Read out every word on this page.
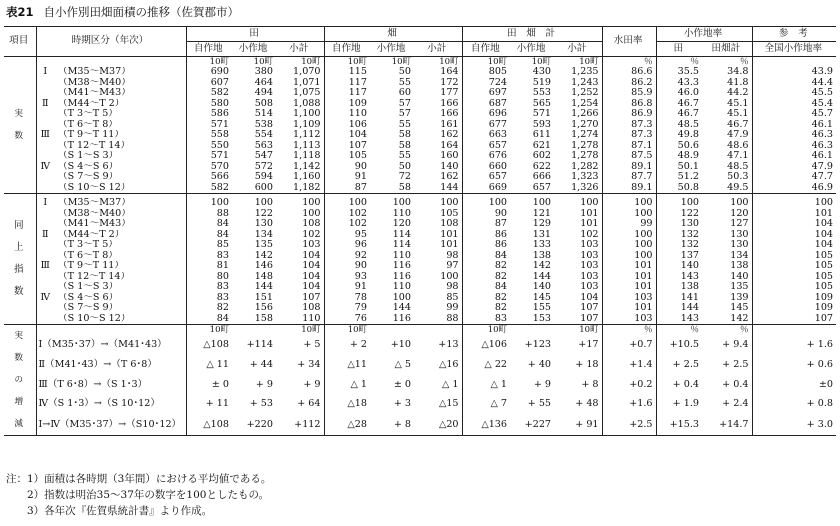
表21 自小作別田畑面積の推移（佐賀郡市）
項目	時期区分（年次）		田			畑			田　畑　計			水田率	小作地率		参　考
			自作地	小作地	小計	自作地	小作地	小計	自作地	小作地	小計		田	田畑計	全国小作地率

実
数			10町	10町	10町	10町	10町	10町	10町	10町	10町	％	％	％	
	Ⅰ	（M35～M37）	690	380	1,070	115	50	164	805	430	1,235	86.6	35.5	34.8	43.9
		（M38～M40）	607	464	1,071	117	55	172	724	519	1,243	86.2	43.3	41.8	44.4
		（M41～M43）	582	494	1,075	117	60	177	697	553	1,252	85.9	46.0	44.2	45.5
	Ⅱ	（M44～T 2）	580	508	1,088	109	57	166	687	565	1,254	86.8	46.7	45.1	45.4
		（T 3～T 5）	586	514	1,100	110	57	166	696	571	1,266	86.9	46.7	45.1	45.7
		（T 6～T 8）	571	538	1,109	106	55	161	677	593	1,270	87.3	48.5	46.7	46.1
	Ⅲ	（T 9～T 11）	558	554	1,112	104	58	162	663	611	1,274	87.3	49.8	47.9	46.3
		（T 12～T 14）	550	563	1,113	107	58	164	657	621	1,278	87.1	50.6	48.6	46.3
		（S 1～S 3）	571	547	1,118	105	55	160	676	602	1,278	87.5	48.9	47.1	46.1
	Ⅳ	（S 4～S 6）	570	572	1,142	90	50	140	660	622	1,282	89.1	50.1	48.5	47.9
		（S 7～S 9）	566	594	1,160	91	72	162	657	666	1,323	87.7	51.2	50.3	47.7
		（S 10～S 12）	582	600	1,182	87	58	144	669	657	1,326	89.1	50.8	49.5	46.9

同
上
指
数															

	Ⅰ	（M35～M37）	100	100	100	100	100	100	100	100	100	100	100	100	100
		（M38～M40）	88	122	100	102	110	105	90	121	101	100	122	120	101
		（M41～M43）	84	130	108	102	120	108	87	129	101	99	130	127	104
	Ⅱ	（M44～T 2）	84	134	102	95	114	101	86	131	102	100	132	130	104
		（T 3～T 5）	85	135	103	96	114	101	86	133	103	100	132	130	104
		（T 6～T 8）	83	142	104	92	110	98	84	138	103	100	137	134	105
	Ⅲ	（T 9～T 11）	81	146	104	90	116	97	82	142	103	101	140	138	105
		（T 12～T 14）	80	148	104	93	116	100	82	144	103	101	143	140	105
		（S 1～S 3）	83	144	104	91	110	98	84	140	103	101	138	135	105
	Ⅳ	（S 4～S 6）	83	151	107	78	100	85	82	145	104	103	141	139	109
		（S 7～S 9）	82	156	108	79	144	99	82	155	107	101	144	145	109
		（S 10～S 12）	84	158	110	76	116	88	83	153	107	103	143	142	107

実
数
の
増
減			10町		10町	10町			10町		10町	％	％	％	
	Ⅰ（M35･37）→（M41･43）		△108	+114	+ 5	+ 2	+10	+13	△106	+123	+17	+0.7	+10.5	+ 9.4	+ 1.6
	Ⅱ（M41･43）→（T 6･8）		△ 11	+ 44	+ 34	△11	△ 5	△16	△ 22	+ 40	+ 18	+1.4	+ 2.5	+ 2.5	+ 0.6
	Ⅲ（T 6･8）→（S 1･3）		± 0	+ 9	+ 9	△ 1	± 0	△ 1	△ 1	+ 9	+ 8	+0.2	+ 0.4	+ 0.4	±0
	Ⅳ（S 1･3）→（S 10･12）		+ 11	+ 53	+ 64	△18	+ 3	△15	△ 7	+ 55	+ 48	+1.6	+ 1.9	+ 2.4	+ 0.8
	Ⅰ→Ⅳ（M35･37）→（S10･12）		△108	+220	+112	△28	+ 8	△20	△136	+227	+ 91	+2.5	+15.3	+14.7	+ 3.0
注：1）面積は各時期（3年間）における平均値である。
　　2）指数は明治35～37年の数字を100としたもの。
　　3）各年次『佐賀県統計書』より作成。
